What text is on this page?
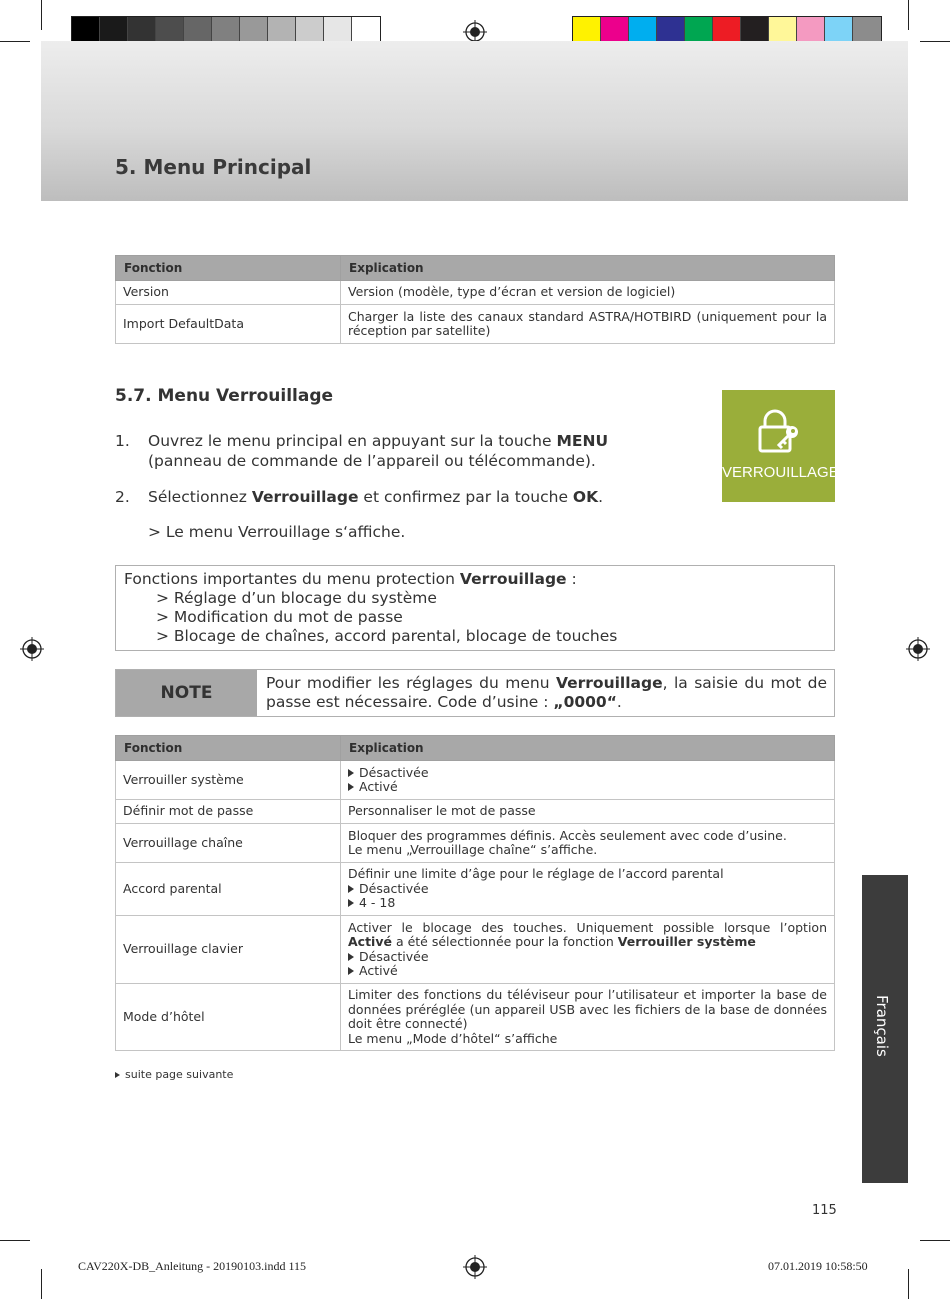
5. Menu Principal
Fonction	Explication
Version	Version (modèle, type d’écran et version de logiciel)
Import DefaultData	Charger la liste des canaux standard ASTRA/HOTBIRD (uniquement pour la réception par satellite)
5.7. Menu Verrouillage
1. Ouvrez le menu principal en appuyant sur la touche MENU
(panneau de commande de l’appareil ou télécommande).
2. Sélectionnez Verrouillage et confirmez par la touche OK.
> Le menu Verrouillage s‘affiche.
VERROUILLAGE
Fonctions importantes du menu protection Verrouillage :
> Réglage d’un blocage du système
> Modification du mot de passe
> Blocage de chaînes, accord parental, blocage de touches
NOTE	Pour modifier les réglages du menu Verrouillage, la saisie du mot de passe est nécessaire. Code d’usine : „0000“.
Fonction	Explication
Verrouiller système	Désactivée
Activé

Définir mot de passe	Personnaliser le mot de passe
Verrouillage chaîne	Bloquer des programmes définis. Accès seulement avec code d’usine.
Le menu „Verrouillage chaîne“ s’affiche.

Accord parental	Définir une limite d’âge pour le réglage de l’accord parental
Désactivée
4 - 18

Verrouillage clavier	Activer le blocage des touches. Uniquement possible lorsque l’option Activé a été sélectionnée pour la fonction Verrouiller système
Désactivée
Activé

Mode d’hôtel	Limiter des fonctions du téléviseur pour l’utilisateur et importer la base de données préréglée (un appareil USB avec les fichiers de la base de données doit être connecté)
Le menu „Mode d’hôtel“ s’affiche
suite page suivante
Français
115
CAV220X-DB_Anleitung - 20190103.indd 115	07.01.2019 10:58:50
